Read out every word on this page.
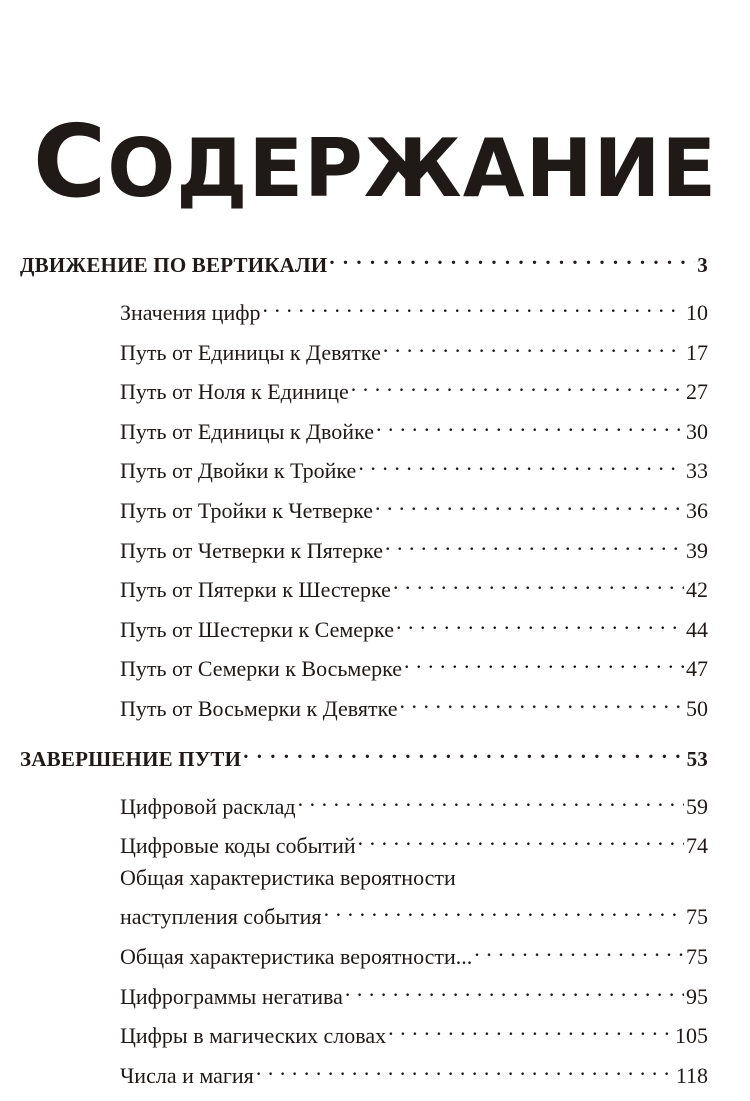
СОДЕРЖАНИЕ
ДВИЖЕНИЕ ПО ВЕРТИКАЛИ . . .	3
Значения цифр . . .	10
Путь от Единицы к Девятке . . .	17
Путь от Ноля к Единице . . .	27
Путь от Единицы к Двойке . . .	30
Путь от Двойки к Тройке . . .	33
Путь от Тройки к Четверке . . .	36
Путь от Четверки к Пятерке . . .	39
Путь от Пятерки к Шестерке . . .	42
Путь от Шестерки к Семерке . . .	44
Путь от Семерки к Восьмерке . . .	47
Путь от Восьмерки к Девятке . . .	50
ЗАВЕРШЕНИЕ ПУТИ . . .	53
Цифровой расклад . . .	59
Цифровые коды событий . . .	74
Общая характеристика вероятности
наступления события . . .	75
Общая характеристика вероятности... . . .	75
Цифрограммы негатива . . .	95
Цифры в магических словах . . .	105
Числа и магия . . .	118
